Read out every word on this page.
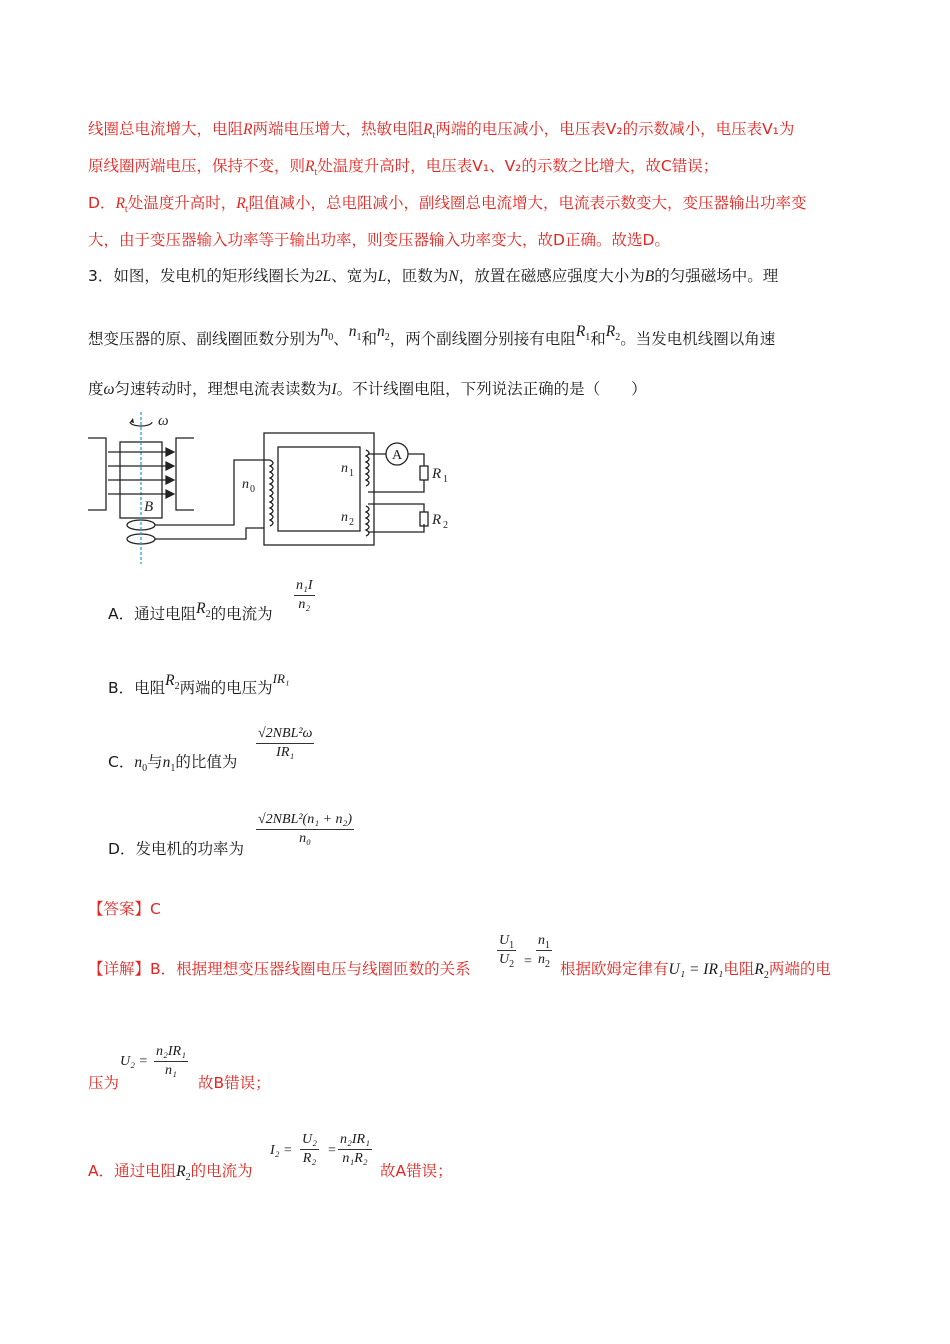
线圈总电流增大，电阻R两端电压增大，热敏电阻$R_t$两端的电压减小，电压表V₂的示数减小，电压表V₁为
原线圈两端电压，保持不变，则$R_t$处温度升高时，电压表V₁、V₂的示数之比增大，故C错误；
D．$R_t$处温度升高时，$R_t$阻值减小，总电阻减小，副线圈总电流增大，电流表示数变大，变压器输出功率变
大，由于变压器输入功率等于输出功率，则变压器输入功率变大，故D正确。故选D。
3．如图，发电机的矩形线圈长为2L、宽为L，匝数为N，放置在磁感应强度大小为B的匀强磁场中。理
想变压器的原、副线圈匝数分别为$n^0$、$n^1$和$n^2$，两个副线圈分别接有电阻$R^1$和$R^2$。当发电机线圈以角速
度ω匀速转动时，理想电流表读数为I。不计线圈电阻，下列说法正确的是（　　）
A
ω
B
n 0
n 1
n 2
R 1
R 2
A．通过电阻R2的电流为
n₁I
n₂
B．电阻$R^2$两端的电压为$^{IR_1}$
C．$n_0$与$n_1$的比值为
√2NBL²ω
IR₁
D．发电机的功率为
√2NBL²(n₁ + n₂)
n₀
【答案】C
【详解】B．根据理想变压器线圈电压与线圈匝数的关系
$U_1$
$U_2$ =
$n_1$
$n_2$ 根据欧姆定律有U₁ = IR₁电阻$R_2$两端的电
压为
U₂ =
n₂IR₁
n₁
故B错误；
A．通过电阻$R_2$的电流为
I₂ =
U₂
R₂
=
n₂IR₁
n₁R₂
故A错误；
